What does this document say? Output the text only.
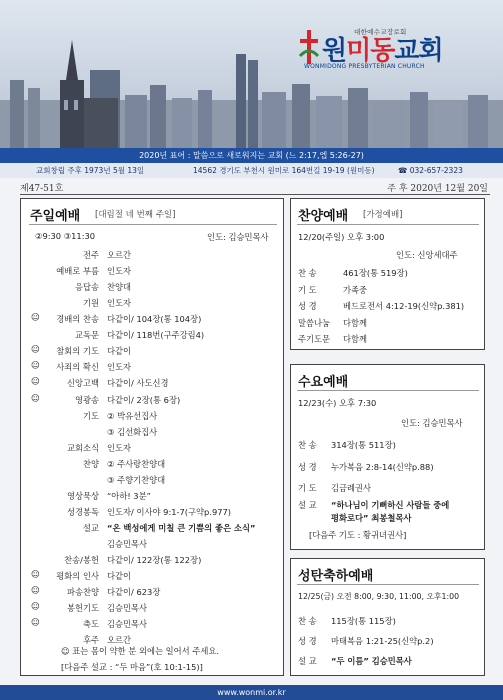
대한예수교장로회
원미동교회
WONMIDONG PRESBYTERIAN CHURCH
2020년 표어 : 말씀으로 새로워지는 교회 (느 2:17,엡 5:26-27)
교회창립 주후 1973년 5월 13일	14562 경기도 부천시 원미로 164번길 19-19 (원미동)	☎ 032-657-2323
제47-51호	주 후 2020년 12월 20일
주일예배 [대림절 네 번째 주일]
②9:30 ③11:30	인도: 김승민목사
전주 오르간
예배로 부름 인도자
응답송 찬양대
기원 인도자
☺	경배의 찬송 다같이/ 104장(통 104장)
교독문 다같이/ 118번(구주강림4)
☺	참회의 기도 다같이
☺	사죄의 확신 인도자
☺	신앙고백 다같이/ 사도신경
☺	영광송 다같이/ 2장(통 6장)
기도 ② 박유선집사
③ 김선화집사
교회소식 인도자
찬양 ② 주사랑찬양대
③ 주향기찬양대
영상묵상 “아하! 3분”
성경봉독 인도자/ 이사야 9:1-7(구약p.977)
설교 “온 백성에게 미칠 큰 기쁨의 좋은 소식”
김승민목사
찬송/봉헌 다같이/ 122장(통 122장)
☺	평화의 인사 다같이
☺	파송찬양 다같이/ 623장
☺	봉헌기도 김승민목사
☺	축도 김승민목사
후주 오르간
☺ 표는 몸이 약한 분 외에는 일어서 주세요.
[다음주 설교 : “두 마음”(호 10:1-15)]
찬양예배 [가정예배]
12/20(주일) 오후 3:00
인도: 신앙세대주
찬 송	461장(통 519장)
기 도	가족중
성 경	베드로전서 4:12-19(신약p.381)
말씀나눔 다함께
주기도문 다함께
수요예배
12/23(수) 오후 7:30
인도: 김승민목사
찬 송 314장(통 511장)
성 경 누가복음 2:8-14(신약p.88)
기 도 김금례권사
설 교 “하나님이 기뻐하신 사람들 중에
평화로다” 최봉철목사
[다음주 기도 : 황귀녀권사]
성탄축하예배
12/25(금) 오전 8:00, 9:30, 11:00, 오후1:00
찬 송 115장(통 115장)
성 경 마태복음 1:21-25(신약p.2)
설 교 “두 이름” 김승민목사
www.wonmi.or.kr
